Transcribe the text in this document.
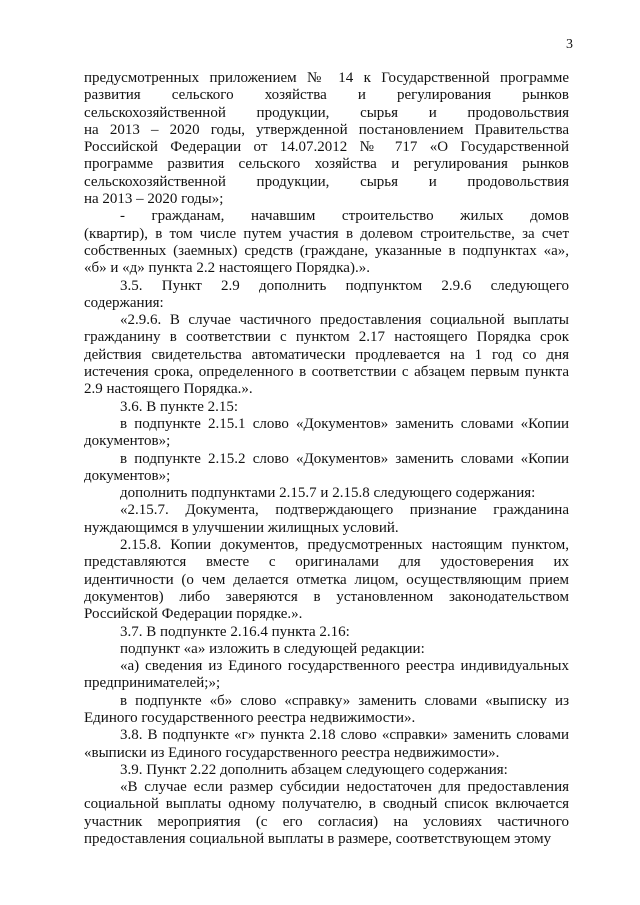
3
предусмотренных приложением № 14 к Государственной программе
развития сельского хозяйства и регулирования рынков
сельскохозяйственной продукции, сырья и продовольствия
на 2013 – 2020 годы, утвержденной постановлением Правительства
Российской Федерации от 14.07.2012 № 717 «О Государственной
программе развития сельского хозяйства и регулирования рынков
сельскохозяйственной продукции, сырья и продовольствия
на 2013 – 2020 годы»;
- гражданам, начавшим строительство жилых домов
(квартир), в том числе путем участия в долевом строительстве, за счет
собственных (заемных) средств (граждане, указанные в подпунктах «а»,
«б» и «д» пункта 2.2 настоящего Порядка).».
3.5. Пункт 2.9 дополнить подпунктом 2.9.6 следующего
содержания:
«2.9.6. В случае частичного предоставления социальной выплаты
гражданину в соответствии с пунктом 2.17 настоящего Порядка срок
действия свидетельства автоматически продлевается на 1 год со дня
истечения срока, определенного в соответствии с абзацем первым пункта
2.9 настоящего Порядка.».
3.6. В пункте 2.15:
в подпункте 2.15.1 слово «Документов» заменить словами «Копии
документов»;
в подпункте 2.15.2 слово «Документов» заменить словами «Копии
документов»;
дополнить подпунктами 2.15.7 и 2.15.8 следующего содержания:
«2.15.7. Документа, подтверждающего признание гражданина
нуждающимся в улучшении жилищных условий.
2.15.8. Копии документов, предусмотренных настоящим пунктом,
представляются вместе с оригиналами для удостоверения их
идентичности (о чем делается отметка лицом, осуществляющим прием
документов) либо заверяются в установленном законодательством
Российской Федерации порядке.».
3.7. В подпункте 2.16.4 пункта 2.16:
подпункт «а» изложить в следующей редакции:
«а) сведения из Единого государственного реестра индивидуальных
предпринимателей;»;
в подпункте «б» слово «справку» заменить словами «выписку из
Единого государственного реестра недвижимости».
3.8. В подпункте «г» пункта 2.18 слово «справки» заменить словами
«выписки из Единого государственного реестра недвижимости».
3.9. Пункт 2.22 дополнить абзацем следующего содержания:
«В случае если размер субсидии недостаточен для предоставления
социальной выплаты одному получателю, в сводный список включается
участник мероприятия (с его согласия) на условиях частичного
предоставления социальной выплаты в размере, соответствующем этому
